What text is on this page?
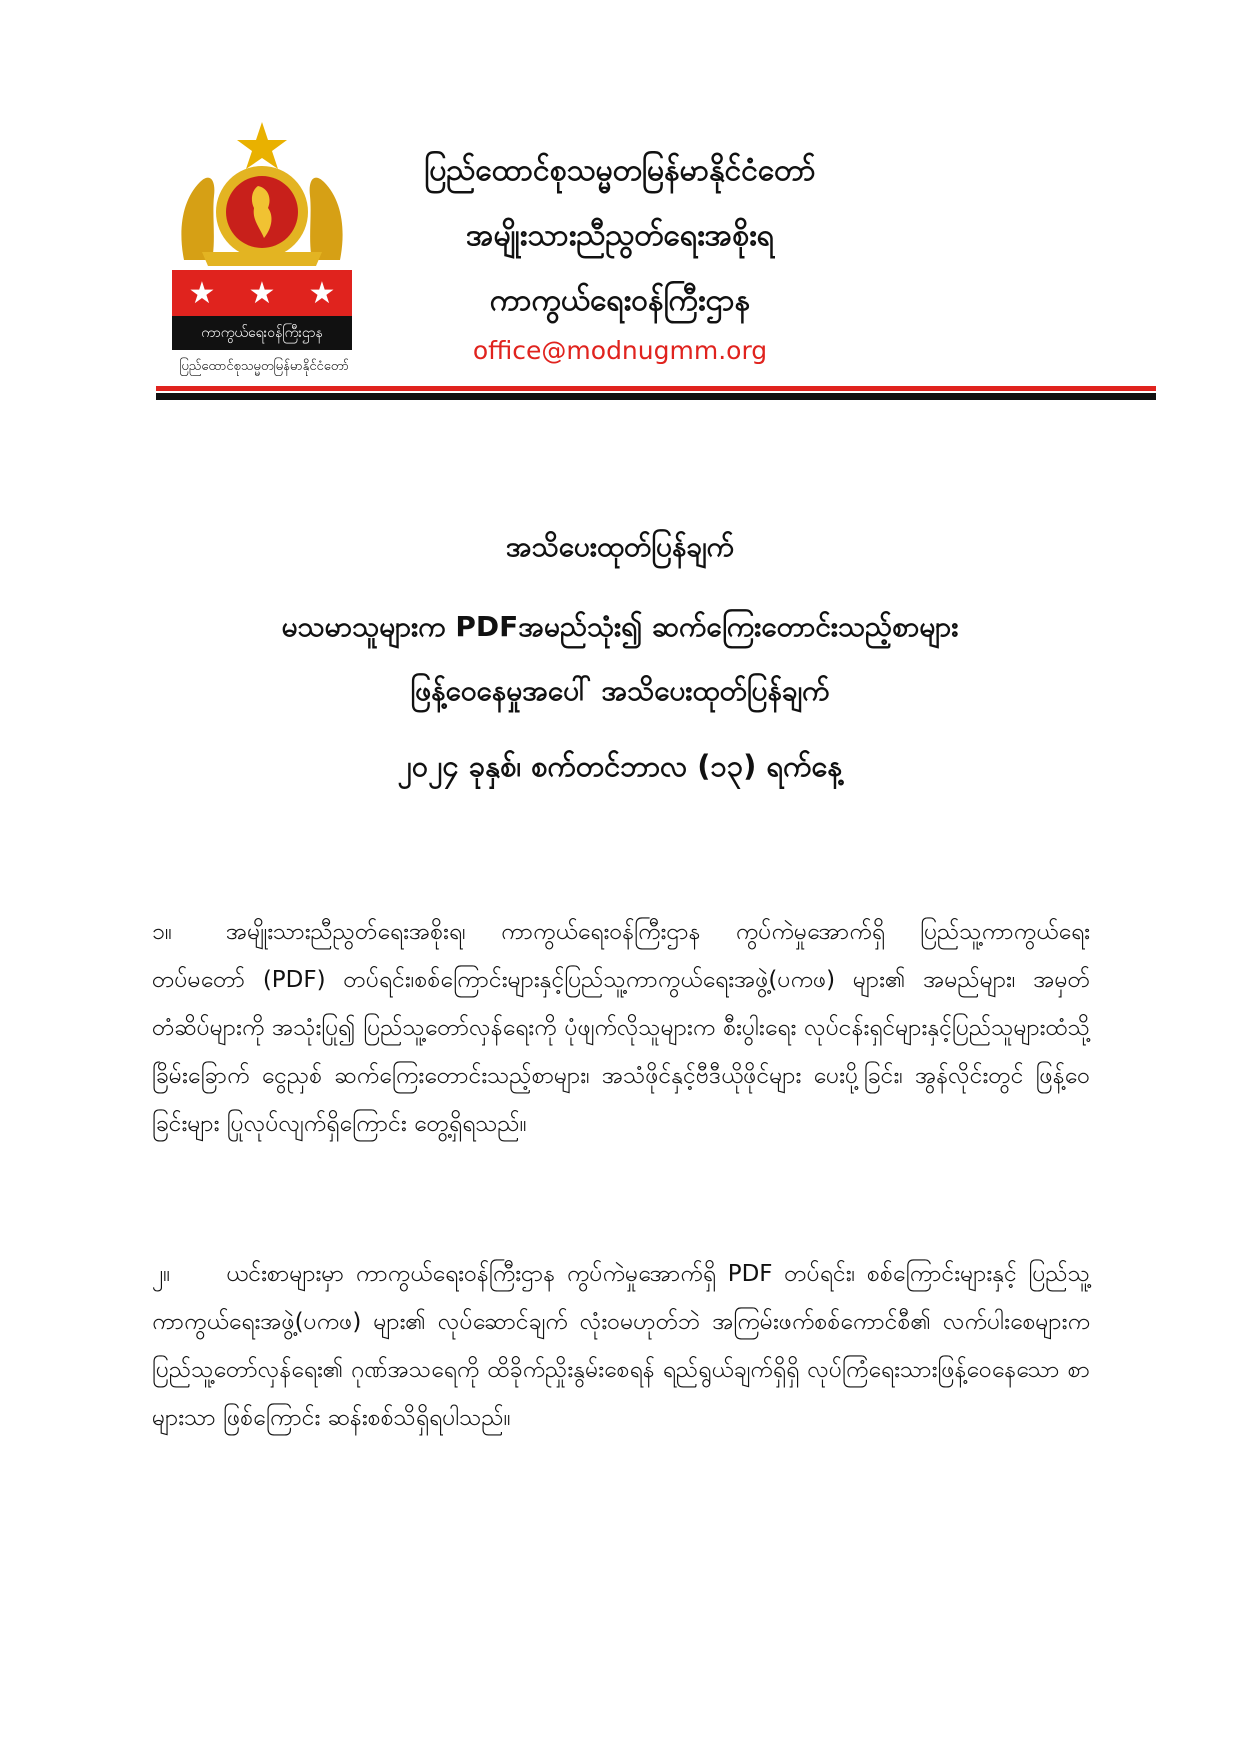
★ ★ ★
ကာကွယ်ရေးဝန်ကြီးဌာန
ပြည်ထောင်စုသမ္မတမြန်မာနိုင်ငံတော်
ပြည်ထောင်စုသမ္မတမြန်မာနိုင်ငံတော်
အမျိုးသားညီညွတ်ရေးအစိုးရ
ကာကွယ်ရေးဝန်ကြီးဌာန
office@modnugmm.org
အသိပေးထုတ်ပြန်ချက်
မသမာသူများက PDFအမည်သုံး၍ ဆက်ကြေးတောင်းသည့်စာများ
ဖြန့်ဝေနေမှုအပေါ် အသိပေးထုတ်ပြန်ချက်
၂၀၂၄ ခုနှစ်၊ စက်တင်ဘာလ (၁၃) ရက်နေ့
၁။ အမျိုးသားညီညွတ်ရေးအစိုးရ၊ ကာကွယ်ရေးဝန်ကြီးဌာန ကွပ်ကဲမှုအောက်ရှိ ပြည်သူ့ကာကွယ်ရေးတပ်မတော် (PDF) တပ်ရင်း၊စစ်ကြောင်းများနှင့်ပြည်သူ့ကာကွယ်ရေးအဖွဲ့(ပကဖ) များ၏ အမည်များ၊ အမှတ်တံဆိပ်များကို အသုံးပြု၍ ပြည်သူ့တော်လှန်ရေးကို ပုံဖျက်လိုသူများက စီးပွါးရေး လုပ်ငန်းရှင်များနှင့်ပြည်သူများထံသို့ ခြိမ်းခြောက် ငွေညှစ် ဆက်ကြေးတောင်းသည့်စာများ၊ အသံဖိုင်နှင့်ဗီဒီယိုဖိုင်များ ပေးပို့ခြင်း၊ အွန်လိုင်းတွင် ဖြန့်ဝေခြင်းများ ပြုလုပ်လျက်ရှိကြောင်း တွေ့ရှိရသည်။
၂။ ယင်းစာများမှာ ကာကွယ်ရေးဝန်ကြီးဌာန ကွပ်ကဲမှုအောက်ရှိ PDF တပ်ရင်း၊ စစ်ကြောင်းများနှင့် ပြည်သူ့ ကာကွယ်ရေးအဖွဲ့(ပကဖ) များ၏ လုပ်ဆောင်ချက် လုံးဝမဟုတ်ဘဲ အကြမ်းဖက်စစ်ကောင်စီ၏ လက်ပါးစေများက ပြည်သူ့တော်လှန်ရေး၏ ဂုဏ်အသရေကို ထိခိုက်ညှိုးနွမ်းစေရန် ရည်ရွယ်ချက်ရှိရှိ လုပ်ကြံရေးသားဖြန့်ဝေနေသော စာများသာ ဖြစ်ကြောင်း ဆန်းစစ်သိရှိရပါသည်။
